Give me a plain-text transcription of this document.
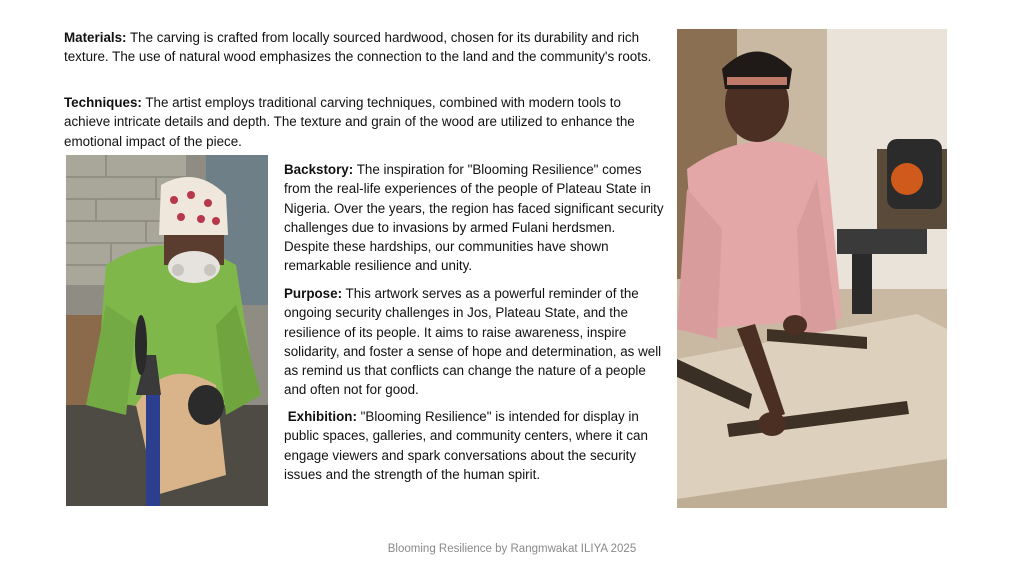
Materials: The carving is crafted from locally sourced hardwood, chosen for its durability and rich texture. The use of natural wood emphasizes the connection to the land and the community's roots.

Techniques: The artist employs traditional carving techniques, combined with modern tools to achieve intricate details and depth. The texture and grain of the wood are utilized to enhance the emotional impact of the piece.

Backstory: The inspiration for "Blooming Resilience" comes from the real-life experiences of the people of Plateau State in Nigeria. Over the years, the region has faced significant security challenges due to invasions by armed Fulani herdsmen. Despite these hardships, our communities have shown remarkable resilience and unity.

Purpose: This artwork serves as a powerful reminder of the ongoing security challenges in Jos, Plateau State, and the resilience of its people. It aims to raise awareness, inspire solidarity, and foster a sense of hope and determination, as well as remind us that conflicts can change the nature of a people and often not for good.

Exhibition: "Blooming Resilience" is intended for display in public spaces, galleries, and community centers, where it can engage viewers and spark conversations about the security issues and the strength of the human spirit.

Blooming Resilience by Rangmwakat ILIYA 2025
